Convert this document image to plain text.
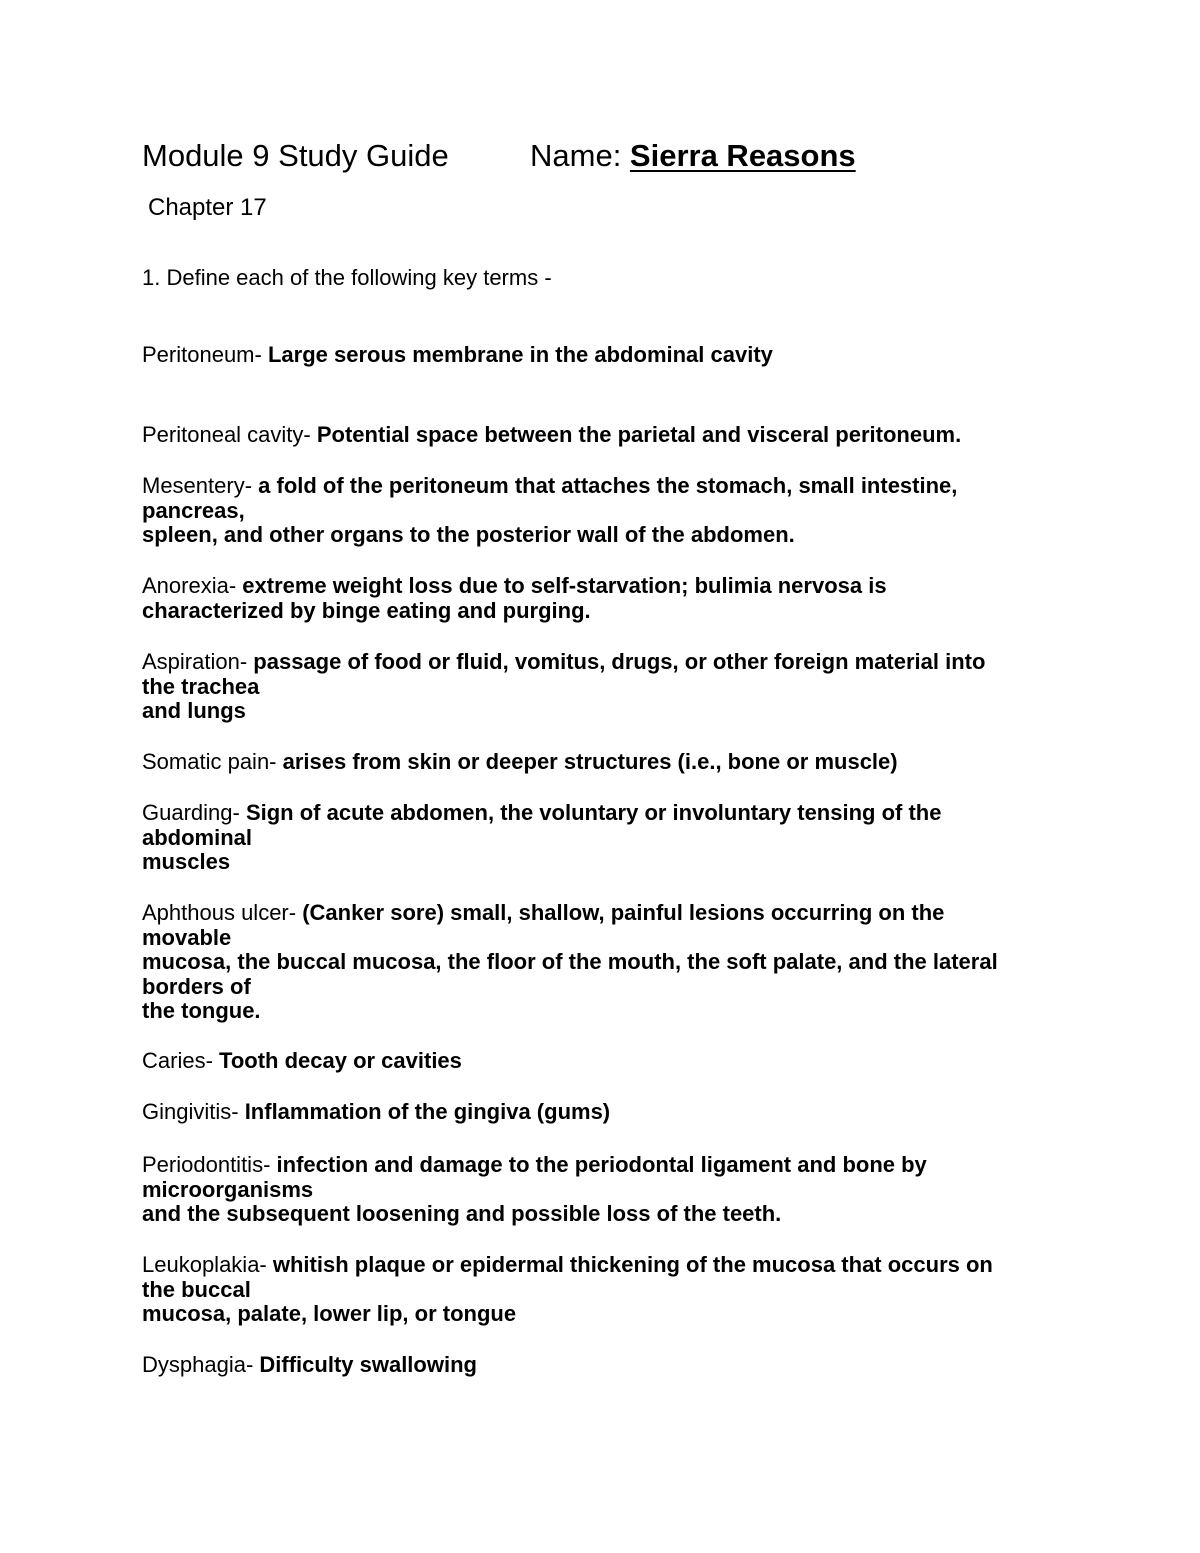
Module 9 Study Guide	Name: Sierra Reasons
Chapter 17
1. Define each of the following key terms -
Peritoneum- Large serous membrane in the abdominal cavity
Peritoneal cavity- Potential space between the parietal and visceral peritoneum.
Mesentery- a fold of the peritoneum that attaches the stomach, small intestine,
pancreas,
spleen, and other organs to the posterior wall of the abdomen.
Anorexia- extreme weight loss due to self-starvation; bulimia nervosa is
characterized by binge eating and purging.
Aspiration- passage of food or fluid, vomitus, drugs, or other foreign material into
the trachea
and lungs
Somatic pain- arises from skin or deeper structures (i.e., bone or muscle)
Guarding- Sign of acute abdomen, the voluntary or involuntary tensing of the
abdominal
muscles
Aphthous ulcer- (Canker sore) small, shallow, painful lesions occurring on the
movable
mucosa, the buccal mucosa, the floor of the mouth, the soft palate, and the lateral
borders of
the tongue.
Caries- Tooth decay or cavities
Gingivitis- Inflammation of the gingiva (gums)
Periodontitis- infection and damage to the periodontal ligament and bone by
microorganisms
and the subsequent loosening and possible loss of the teeth.
Leukoplakia- whitish plaque or epidermal thickening of the mucosa that occurs on
the buccal
mucosa, palate, lower lip, or tongue
Dysphagia- Difficulty swallowing
